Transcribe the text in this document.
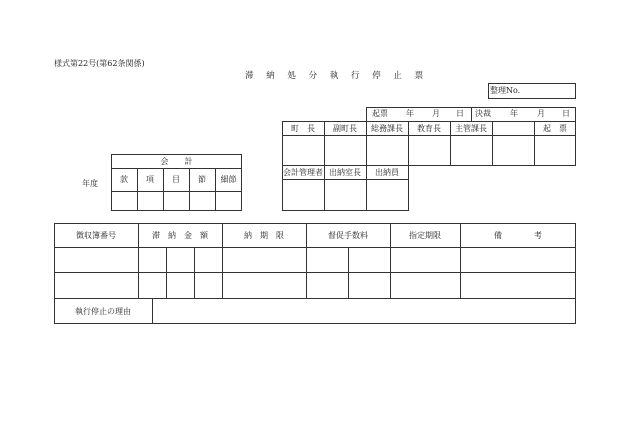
様式第22号(第62条関係)
滞 納 処 分 執 行 停 止 票
整理No.
起票 年 月 日 決裁 年 月 日
町　長	副町長	総務課長	教育長	主管課長	起　票
会計管理者 出納室長	出納員
年度
会　　計
款	項	目	節	細節
徴収簿番号	滞　納　金　額	納　期　限	督促手数料	指定期限	備　　　　考
執行停止の理由
